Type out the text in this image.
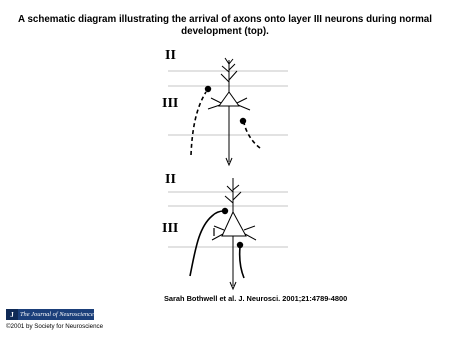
A schematic diagram illustrating the arrival of axons onto layer III neurons during normal development (top).
II
III
II
III
Sarah Bothwell et al. J. Neurosci. 2001;21:4789-4800
J The Journal of Neuroscience
©2001 by Society for Neuroscience
